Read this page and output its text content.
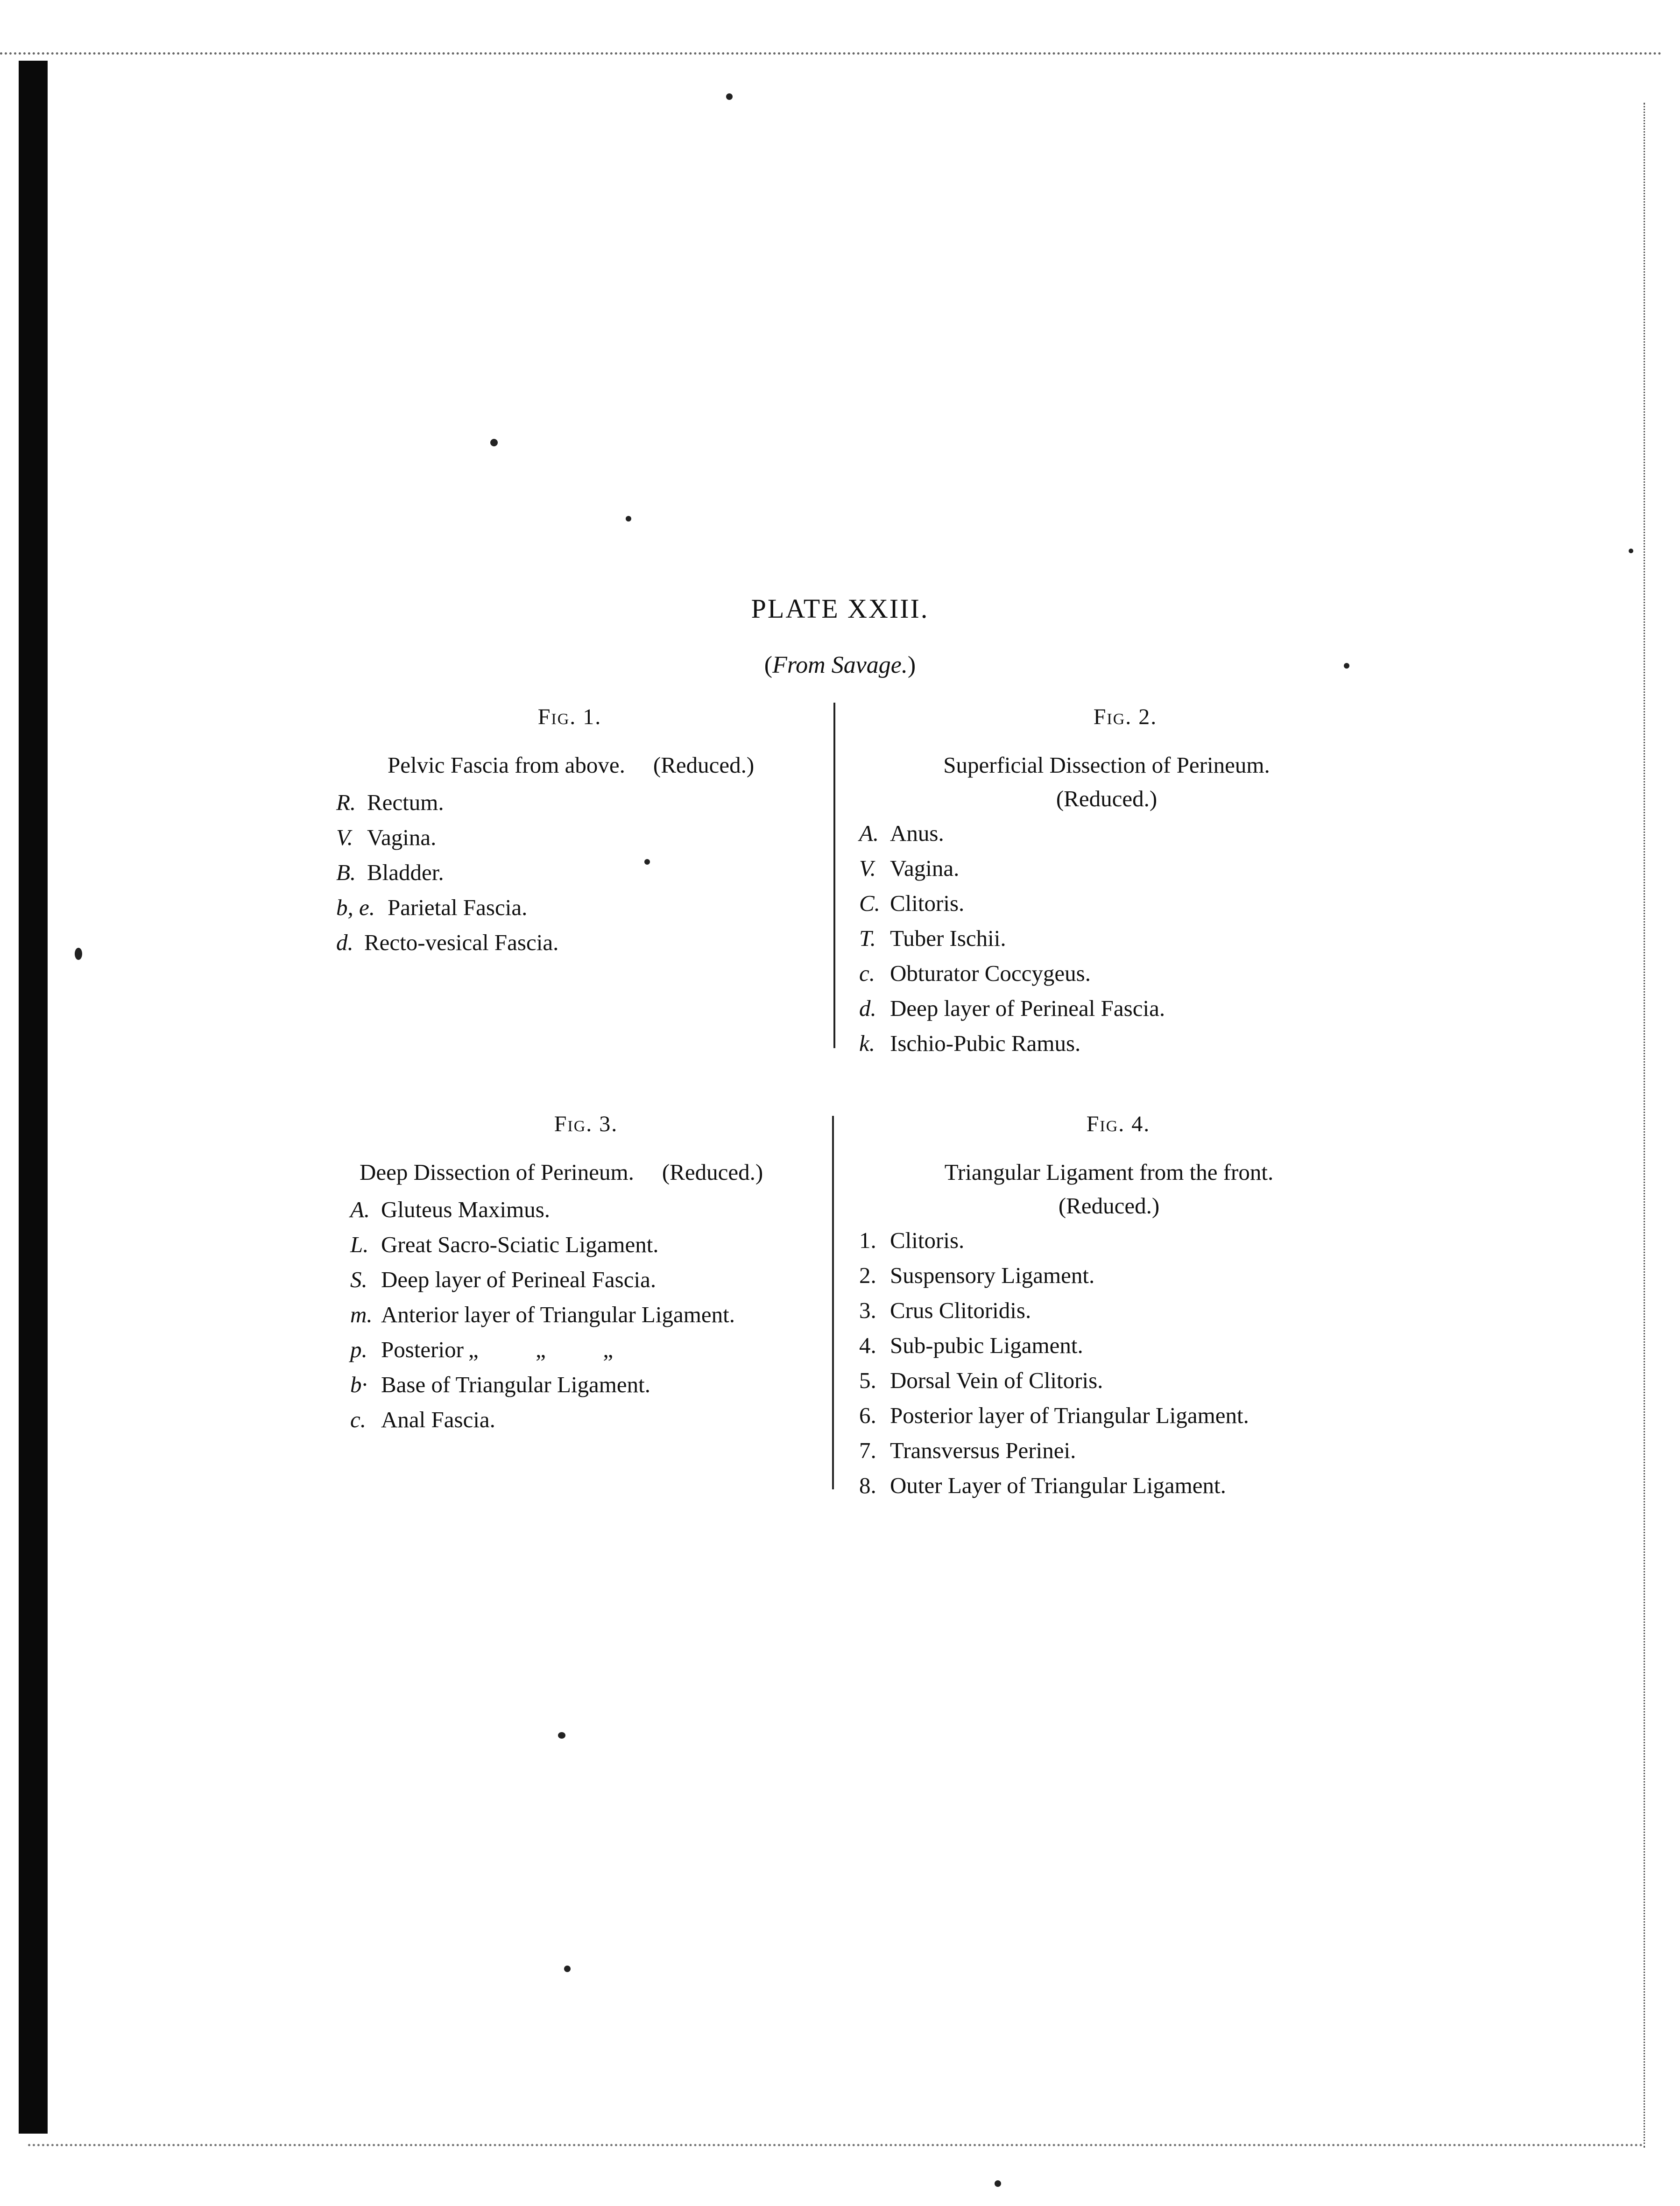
PLATE XXIII.
(From Savage.)
Fig. 1.
Pelvic Fascia from above. (Reduced.)
R. Rectum.
V. Vagina.
B. Bladder.
b, e. Parietal Fascia.
d. Recto-vesical Fascia.
Fig. 2.
Superficial Dissection of Perineum.
(Reduced.)
A. Anus.
V. Vagina.
C. Clitoris.
T. Tuber Ischii.
c. Obturator Coccygeus.
d. Deep layer of Perineal Fascia.
k. Ischio-Pubic Ramus.
Fig. 3.
Deep Dissection of Perineum. (Reduced.)
A. Gluteus Maximus.
L. Great Sacro-Sciatic Ligament.
S. Deep layer of Perineal Fascia.
m. Anterior layer of Triangular Ligament.
p. Posterior „          „          „
b· Base of Triangular Ligament.
c. Anal Fascia.
Fig. 4.
Triangular Ligament from the front.
(Reduced.)
1. Clitoris.
2. Suspensory Ligament.
3. Crus Clitoridis.
4. Sub-pubic Ligament.
5. Dorsal Vein of Clitoris.
6. Posterior layer of Triangular Ligament.
7. Transversus Perinei.
8. Outer Layer of Triangular Ligament.
